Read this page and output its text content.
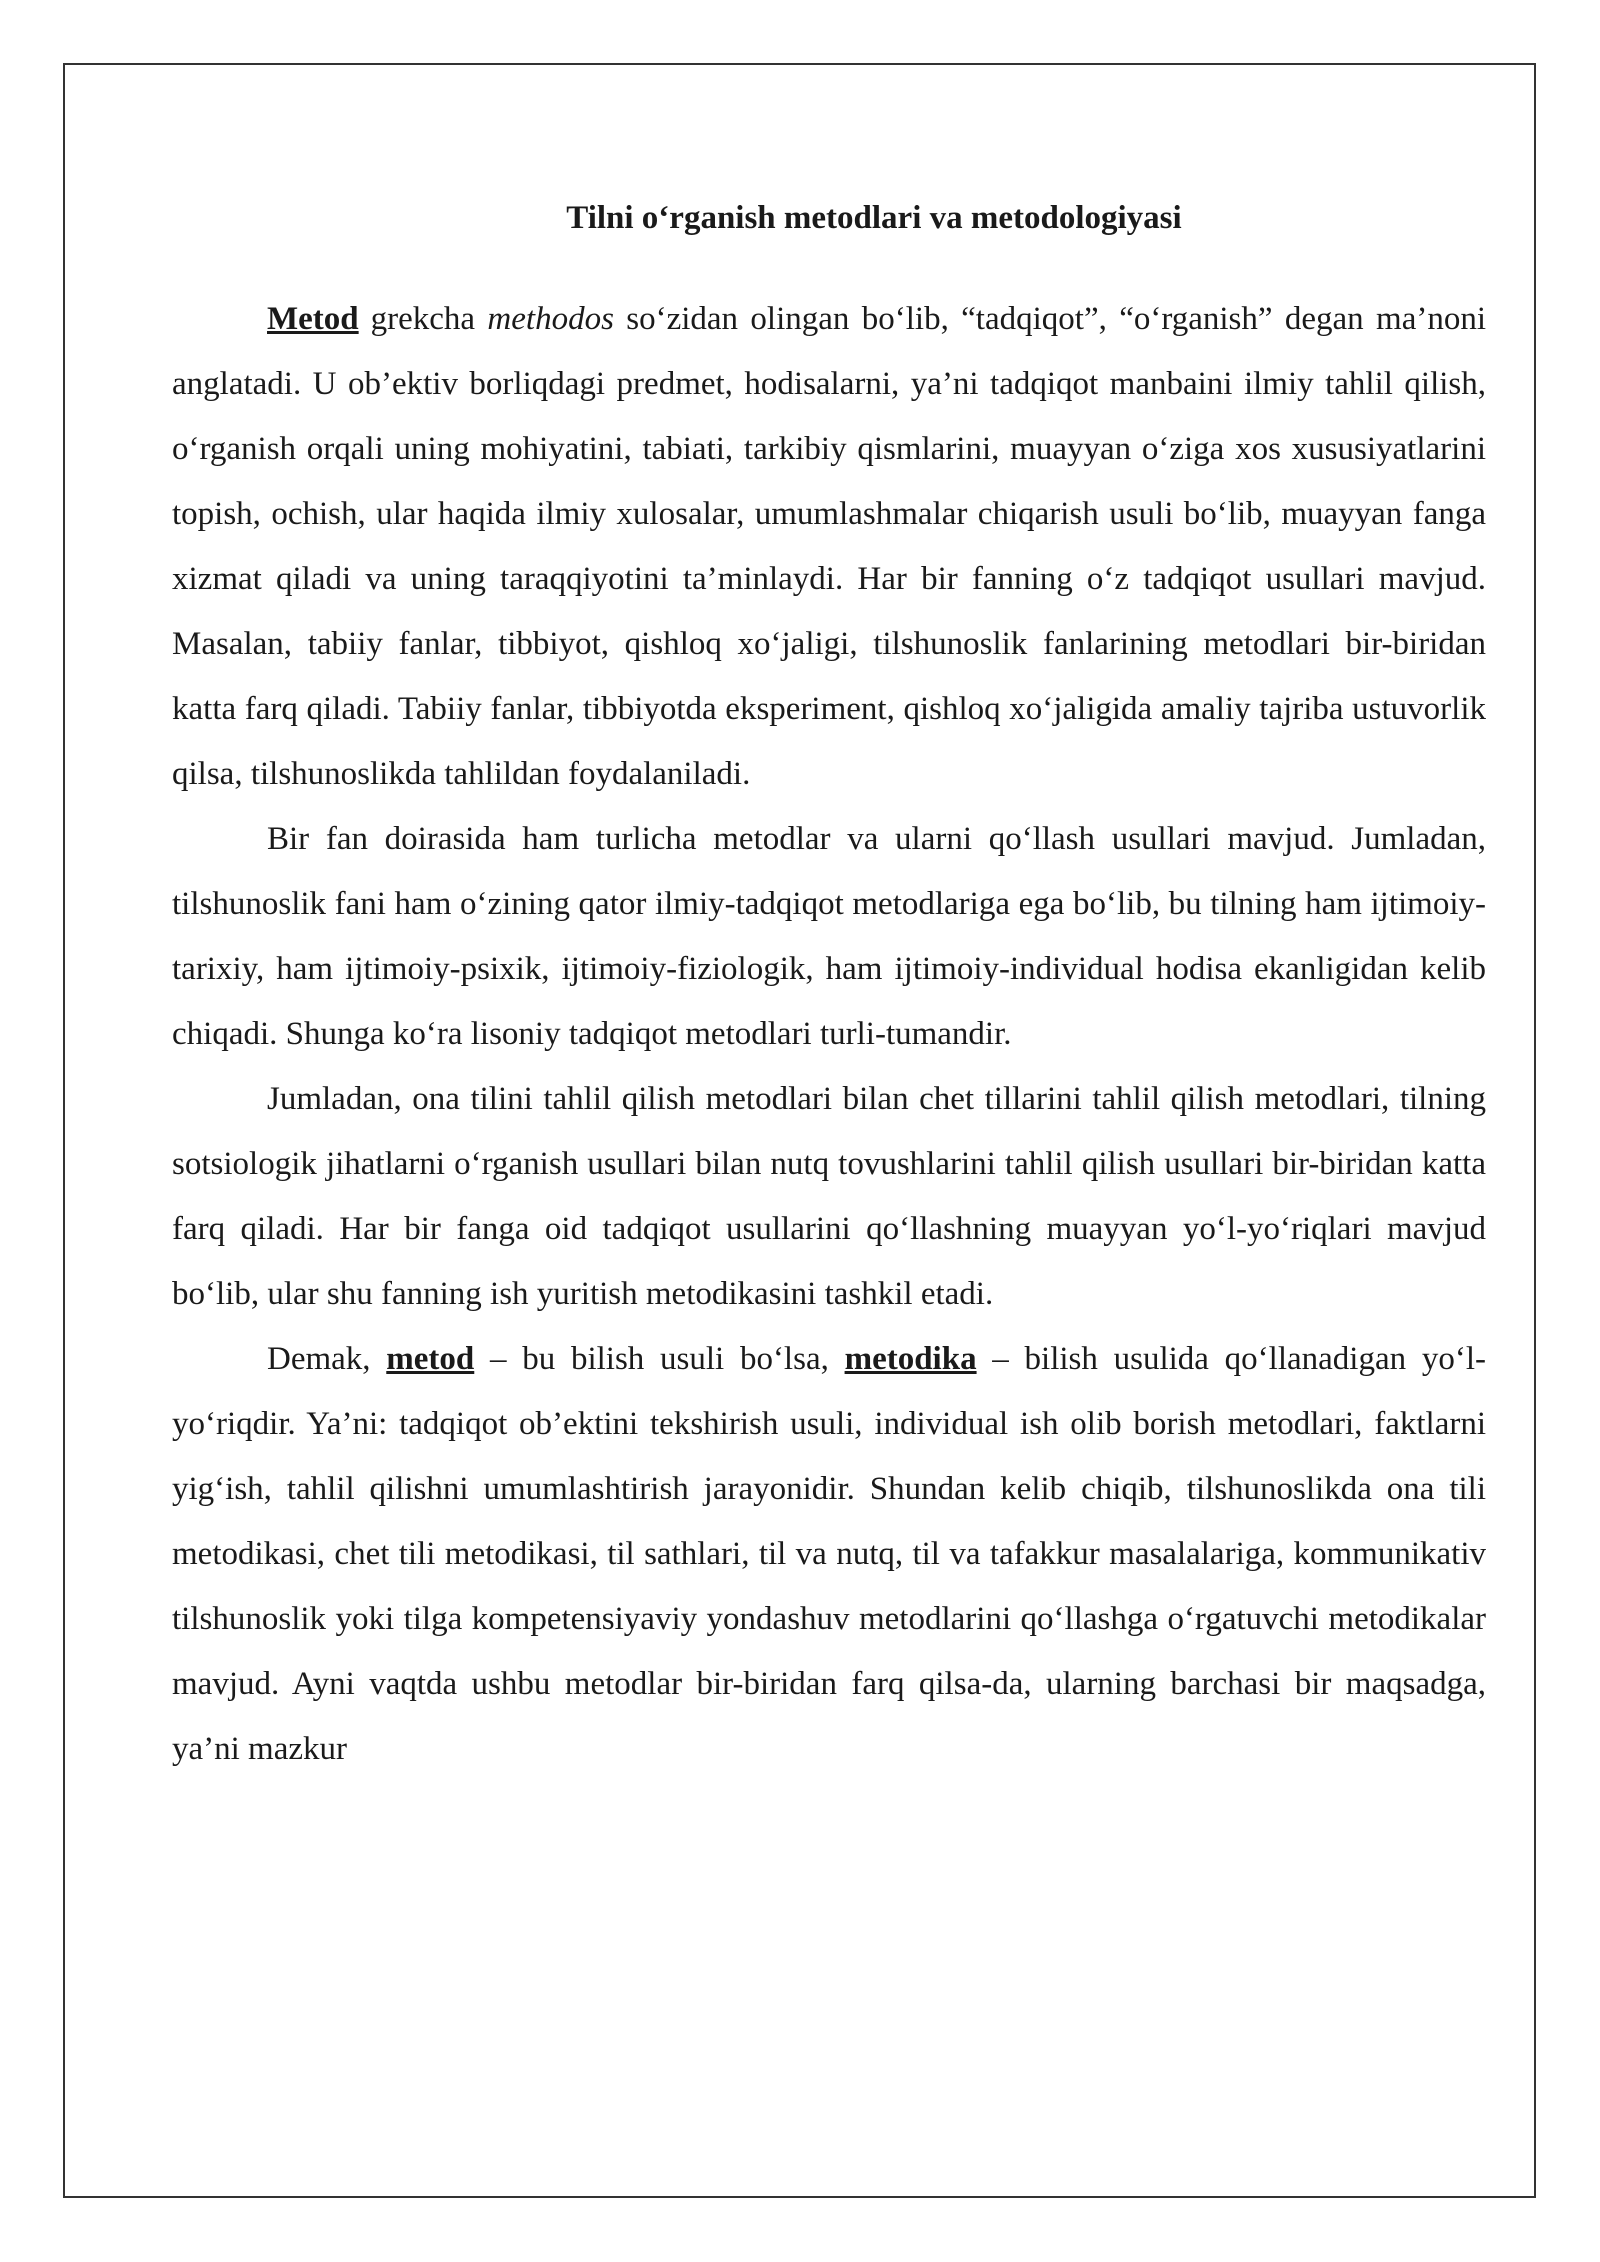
Tilni o‘rganish metodlari va metodologiyasi

Metod grekcha methodos so‘zidan olingan bo‘lib, “tadqiqot”, “o‘rganish” degan ma’noni anglatadi. U ob’ektiv borliqdagi predmet, hodisalarni, ya’ni tadqiqot manbaini ilmiy tahlil qilish, o‘rganish orqali uning mohiyatini, tabiati, tarkibiy qismlarini, muayyan o‘ziga xos xususiyatlarini topish, ochish, ular haqida ilmiy xulosalar, umumlashmalar chiqarish usuli bo‘lib, muayyan fanga xizmat qiladi va uning taraqqiyotini ta’minlaydi. Har bir fanning o‘z tadqiqot usullari mavjud. Masalan, tabiiy fanlar, tibbiyot, qishloq xo‘jaligi, tilshunoslik fanlarining metodlari bir-biridan katta farq qiladi. Tabiiy fanlar, tibbiyotda eksperiment, qishloq xo‘jaligida amaliy tajriba ustuvorlik qilsa, tilshunoslikda tahlildan foydalaniladi.

Bir fan doirasida ham turlicha metodlar va ularni qo‘llash usullari mavjud. Jumladan, tilshunoslik fani ham o‘zining qator ilmiy-tadqiqot metodlariga ega bo‘lib, bu tilning ham ijtimoiy-tarixiy, ham ijtimoiy-psixik, ijtimoiy-fiziologik, ham ijtimoiy-individual hodisa ekanligidan kelib chiqadi. Shunga ko‘ra lisoniy tadqiqot metodlari turli-tumandir.

Jumladan, ona tilini tahlil qilish metodlari bilan chet tillarini tahlil qilish metodlari, tilning sotsiologik jihatlarni o‘rganish usullari bilan nutq tovushlarini tahlil qilish usullari bir-biridan katta farq qiladi. Har bir fanga oid tadqiqot usullarini qo‘llashning muayyan yo‘l-yo‘riqlari mavjud bo‘lib, ular shu fanning ish yuritish metodikasini tashkil etadi.

Demak, metod – bu bilish usuli bo‘lsa, metodika – bilish usulida qo‘llanadigan yo‘l-yo‘riqdir. Ya’ni: tadqiqot ob’ektini tekshirish usuli, individual ish olib borish metodlari, faktlarni yig‘ish, tahlil qilishni umumlashtirish jarayonidir. Shundan kelib chiqib, tilshunoslikda ona tili metodikasi, chet tili metodikasi, til sathlari, til va nutq, til va tafakkur masalalariga, kommunikativ tilshunoslik yoki tilga kompetensiyaviy yondashuv metodlarini qo‘llashga o‘rgatuvchi metodikalar mavjud. Ayni vaqtda ushbu metodlar bir-biridan farq qilsa-da, ularning barchasi bir maqsadga, ya’ni mazkur
